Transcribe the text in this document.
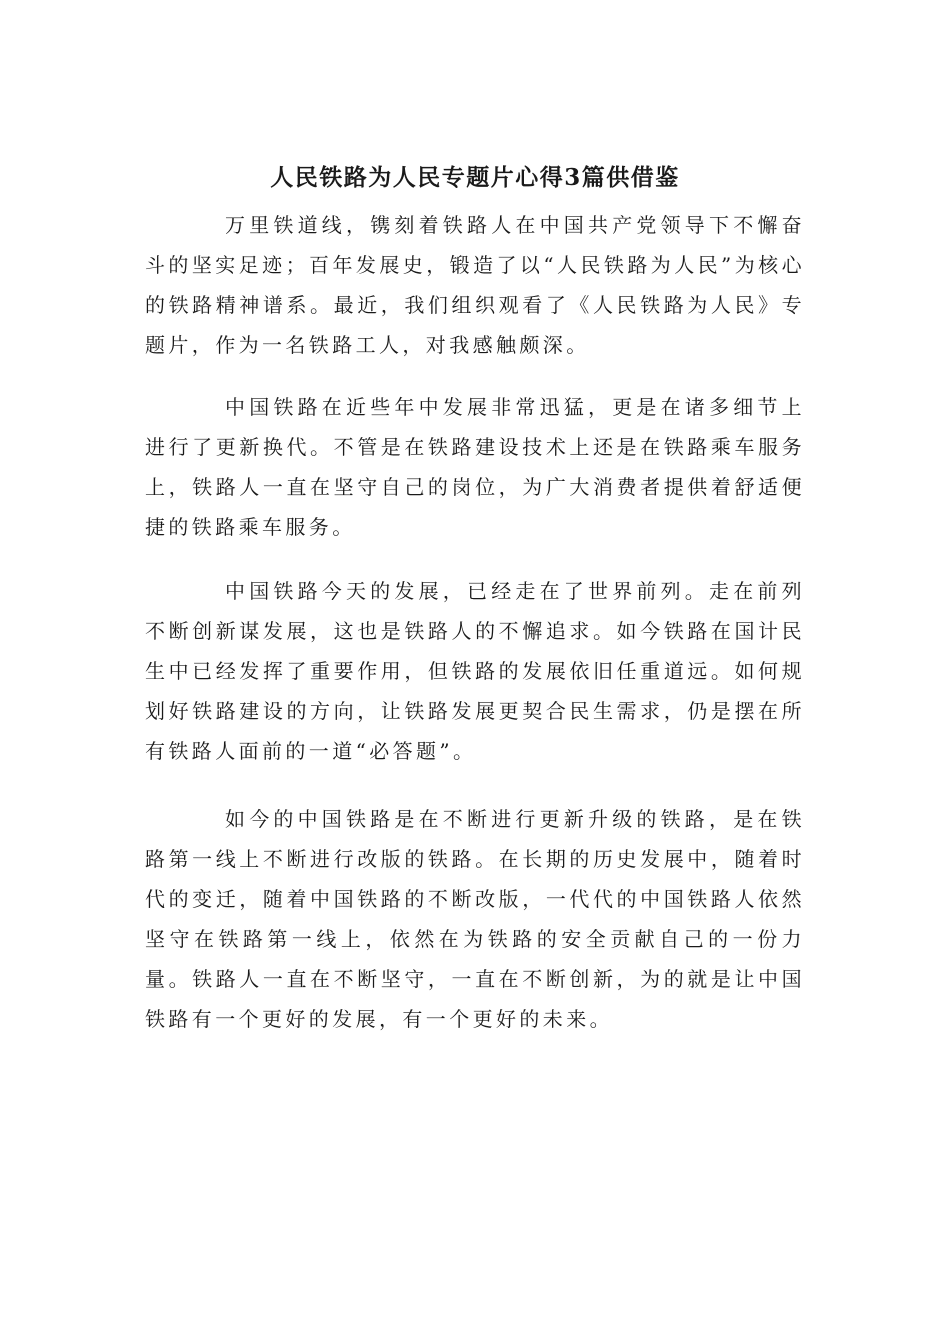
人民铁路为人民专题片心得3篇供借鉴

万里铁道线，镌刻着铁路人在中国共产党领导下不懈奋斗的坚实足迹；百年发展史，锻造了以“人民铁路为人民”为核心的铁路精神谱系。最近，我们组织观看了《人民铁路为人民》专题片，作为一名铁路工人，对我感触颇深。

中国铁路在近些年中发展非常迅猛，更是在诸多细节上进行了更新换代。不管是在铁路建设技术上还是在铁路乘车服务上，铁路人一直在坚守自己的岗位，为广大消费者提供着舒适便捷的铁路乘车服务。

中国铁路今天的发展，已经走在了世界前列。走在前列不断创新谋发展，这也是铁路人的不懈追求。如今铁路在国计民生中已经发挥了重要作用，但铁路的发展依旧任重道远。如何规划好铁路建设的方向，让铁路发展更契合民生需求，仍是摆在所有铁路人面前的一道“必答题”。

如今的中国铁路是在不断进行更新升级的铁路，是在铁路第一线上不断进行改版的铁路。在长期的历史发展中，随着时代的变迁，随着中国铁路的不断改版，一代代的中国铁路人依然坚守在铁路第一线上，依然在为铁路的安全贡献自己的一份力量。铁路人一直在不断坚守，一直在不断创新，为的就是让中国铁路有一个更好的发展，有一个更好的未来。
